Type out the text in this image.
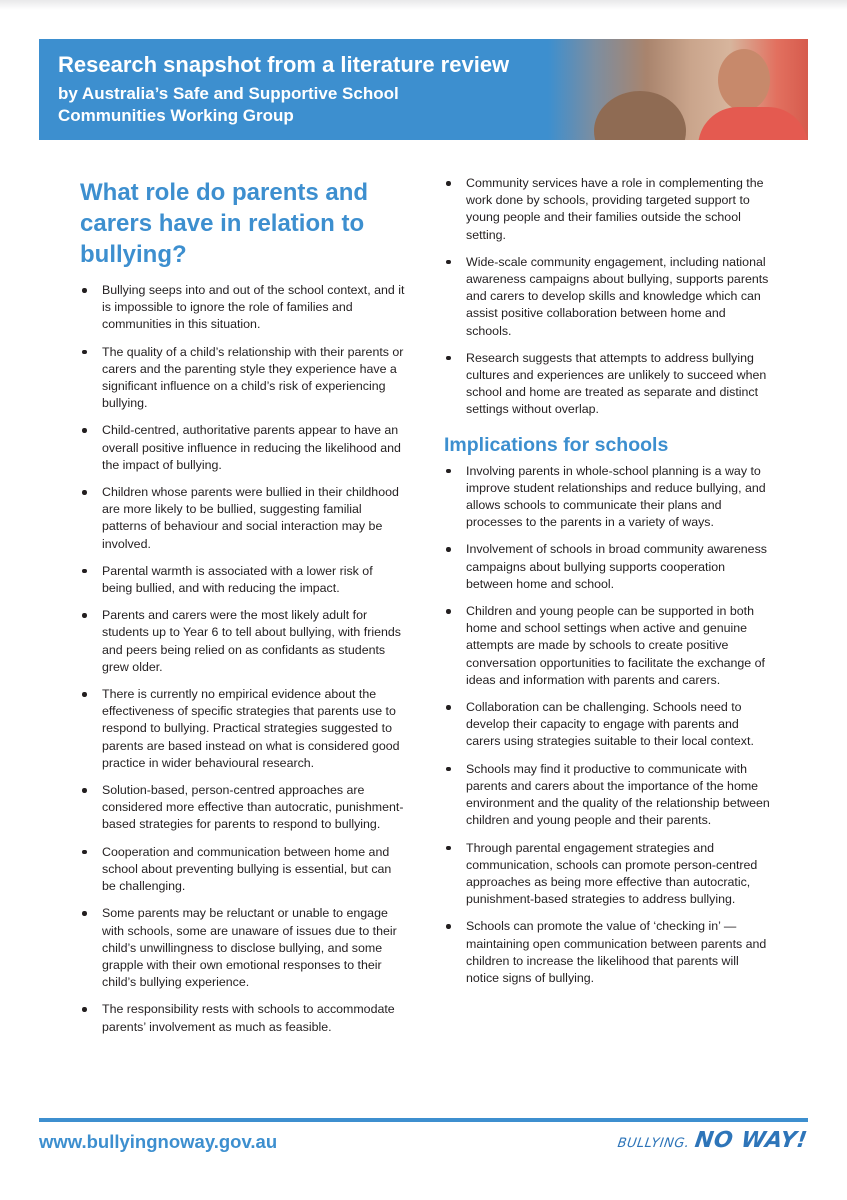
Research snapshot from a literature review

by Australia’s Safe and Supportive School

Communities Working Group

What role do parents and carers have in relation to bullying?
Bullying seeps into and out of the school context, and it is impossible to ignore the role of families and communities in this situation.
The quality of a child’s relationship with their parents or carers and the parenting style they experience have a significant influence on a child’s risk of experiencing bullying.
Child-centred, authoritative parents appear to have an overall positive influence in reducing the likelihood and the impact of bullying.
Children whose parents were bullied in their childhood are more likely to be bullied, suggesting familial patterns of behaviour and social interaction may be involved.
Parental warmth is associated with a lower risk of being bullied, and with reducing the impact.
Parents and carers were the most likely adult for students up to Year 6 to tell about bullying, with friends and peers being relied on as confidants as students grew older.
There is currently no empirical evidence about the effectiveness of specific strategies that parents use to respond to bullying. Practical strategies suggested to parents are based instead on what is considered good practice in wider behavioural research.
Solution-based, person-centred approaches are considered more effective than autocratic, punishment-based strategies for parents to respond to bullying.
Cooperation and communication between home and school about preventing bullying is essential, but can be challenging.
Some parents may be reluctant or unable to engage with schools, some are unaware of issues due to their child’s unwillingness to disclose bullying, and some grapple with their own emotional responses to their child’s bullying experience.
The responsibility rests with schools to accommodate parents’ involvement as much as feasible.
Community services have a role in complementing the work done by schools, providing targeted support to young people and their families outside the school setting.
Wide-scale community engagement, including national awareness campaigns about bullying, supports parents and carers to develop skills and knowledge which can assist positive collaboration between home and schools.
Research suggests that attempts to address bullying cultures and experiences are unlikely to succeed when school and home are treated as separate and distinct settings without overlap.
Implications for schools
Involving parents in whole-school planning is a way to improve student relationships and reduce bullying, and allows schools to communicate their plans and processes to the parents in a variety of ways.
Involvement of schools in broad community awareness campaigns about bullying supports cooperation between home and school.
Children and young people can be supported in both home and school settings when active and genuine attempts are made by schools to create positive conversation opportunities to facilitate the exchange of ideas and information with parents and carers.
Collaboration can be challenging. Schools need to develop their capacity to engage with parents and carers using strategies suitable to their local context.
Schools may find it productive to communicate with parents and carers about the importance of the home environment and the quality of the relationship between children and young people and their parents.
Through parental engagement strategies and communication, schools can promote person-centred approaches as being more effective than autocratic, punishment-based strategies to address bullying.
Schools can promote the value of ‘checking in’ — maintaining open communication between parents and children to increase the likelihood that parents will notice signs of bullying.
www.bullyingnoway.gov.au	BULLYING. NO WAY!
